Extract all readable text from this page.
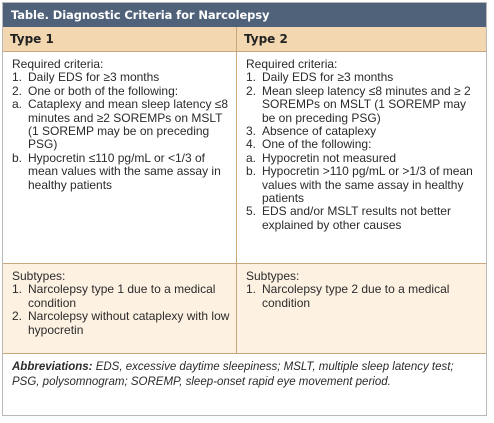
Table. Diagnostic Criteria for Narcolepsy
Type 1	Type 2
Required criteria:
1. Daily EDS for ≥3 months
2. One or both of the following:
a. Cataplexy and mean sleep latency ≤8 minutes and ≥2 SOREMPs on MSLT (1 SOREMP may be on preceding PSG)
b. Hypocretin ≤110 pg/mL or <1/3 of mean values with the same assay in healthy patients
Required criteria:
1. Daily EDS for ≥3 months
2. Mean sleep latency ≤8 minutes and ≥ 2 SOREMPs on MSLT (1 SOREMP may be on preceding PSG)
3. Absence of cataplexy
4. One of the following:
a. Hypocretin not measured
b. Hypocretin >110 pg/mL or >1/3 of mean values with the same assay in healthy patients
5. EDS and/or MSLT results not better explained by other causes
Subtypes:
1. Narcolepsy type 1 due to a medical condition
2. Narcolepsy without cataplexy with low hypocretin
Subtypes:
1. Narcolepsy type 2 due to a medical condition
Abbreviations: EDS, excessive daytime sleepiness; MSLT, multiple sleep latency test; PSG, polysomnogram; SOREMP, sleep-onset rapid eye movement period.
